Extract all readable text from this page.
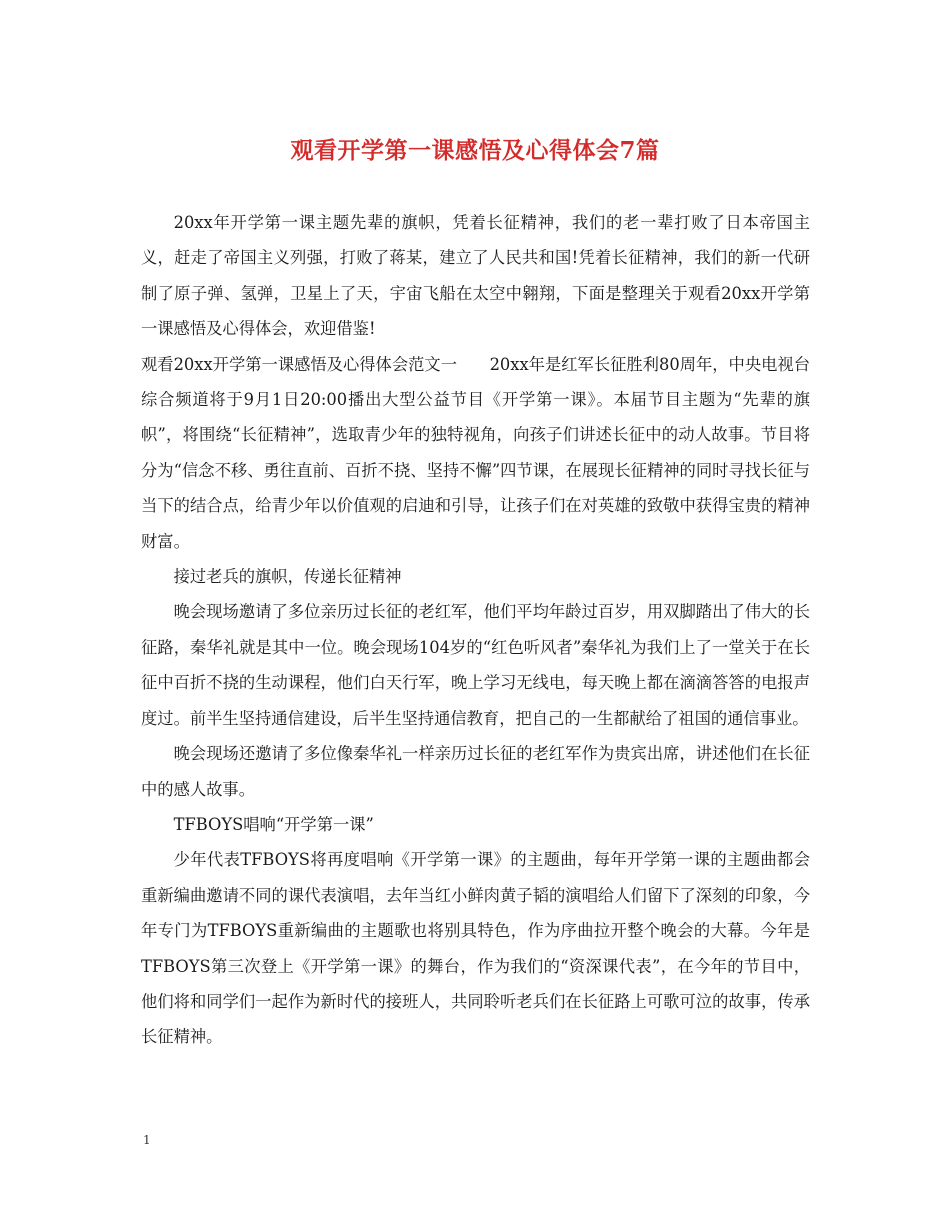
观看开学第一课感悟及心得体会7篇

20xx年开学第一课主题先辈的旗帜，凭着长征精神，我们的老一辈打败了日本帝国主义，赶走了帝国主义列强，打败了蒋某，建立了人民共和国!凭着长征精神，我们的新一代研制了原子弹、氢弹，卫星上了天，宇宙飞船在太空中翱翔，下面是整理关于观看20xx开学第一课感悟及心得体会，欢迎借鉴!

观看20xx开学第一课感悟及心得体会范文一　　20xx年是红军长征胜利80周年，中央电视台综合频道将于9月1日20:00播出大型公益节目《开学第一课》。本届节目主题为“先辈的旗帜”，将围绕“长征精神”，选取青少年的独特视角，向孩子们讲述长征中的动人故事。节目将分为“信念不移、勇往直前、百折不挠、坚持不懈”四节课，在展现长征精神的同时寻找长征与当下的结合点，给青少年以价值观的启迪和引导，让孩子们在对英雄的致敬中获得宝贵的精神财富。

接过老兵的旗帜，传递长征精神

晚会现场邀请了多位亲历过长征的老红军，他们平均年龄过百岁，用双脚踏出了伟大的长征路，秦华礼就是其中一位。晚会现场104岁的“红色听风者”秦华礼为我们上了一堂关于在长征中百折不挠的生动课程，他们白天行军，晚上学习无线电，每天晚上都在滴滴答答的电报声度过。前半生坚持通信建设，后半生坚持通信教育，把自己的一生都献给了祖国的通信事业。

晚会现场还邀请了多位像秦华礼一样亲历过长征的老红军作为贵宾出席，讲述他们在长征中的感人故事。

TFBOYS唱响“开学第一课”

少年代表TFBOYS将再度唱响《开学第一课》的主题曲，每年开学第一课的主题曲都会重新编曲邀请不同的课代表演唱，去年当红小鲜肉黄子韬的演唱给人们留下了深刻的印象，今年专门为TFBOYS重新编曲的主题歌也将别具特色，作为序曲拉开整个晚会的大幕。今年是TFBOYS第三次登上《开学第一课》的舞台，作为我们的“资深课代表”，在今年的节目中，他们将和同学们一起作为新时代的接班人，共同聆听老兵们在长征路上可歌可泣的故事，传承长征精神。

1
